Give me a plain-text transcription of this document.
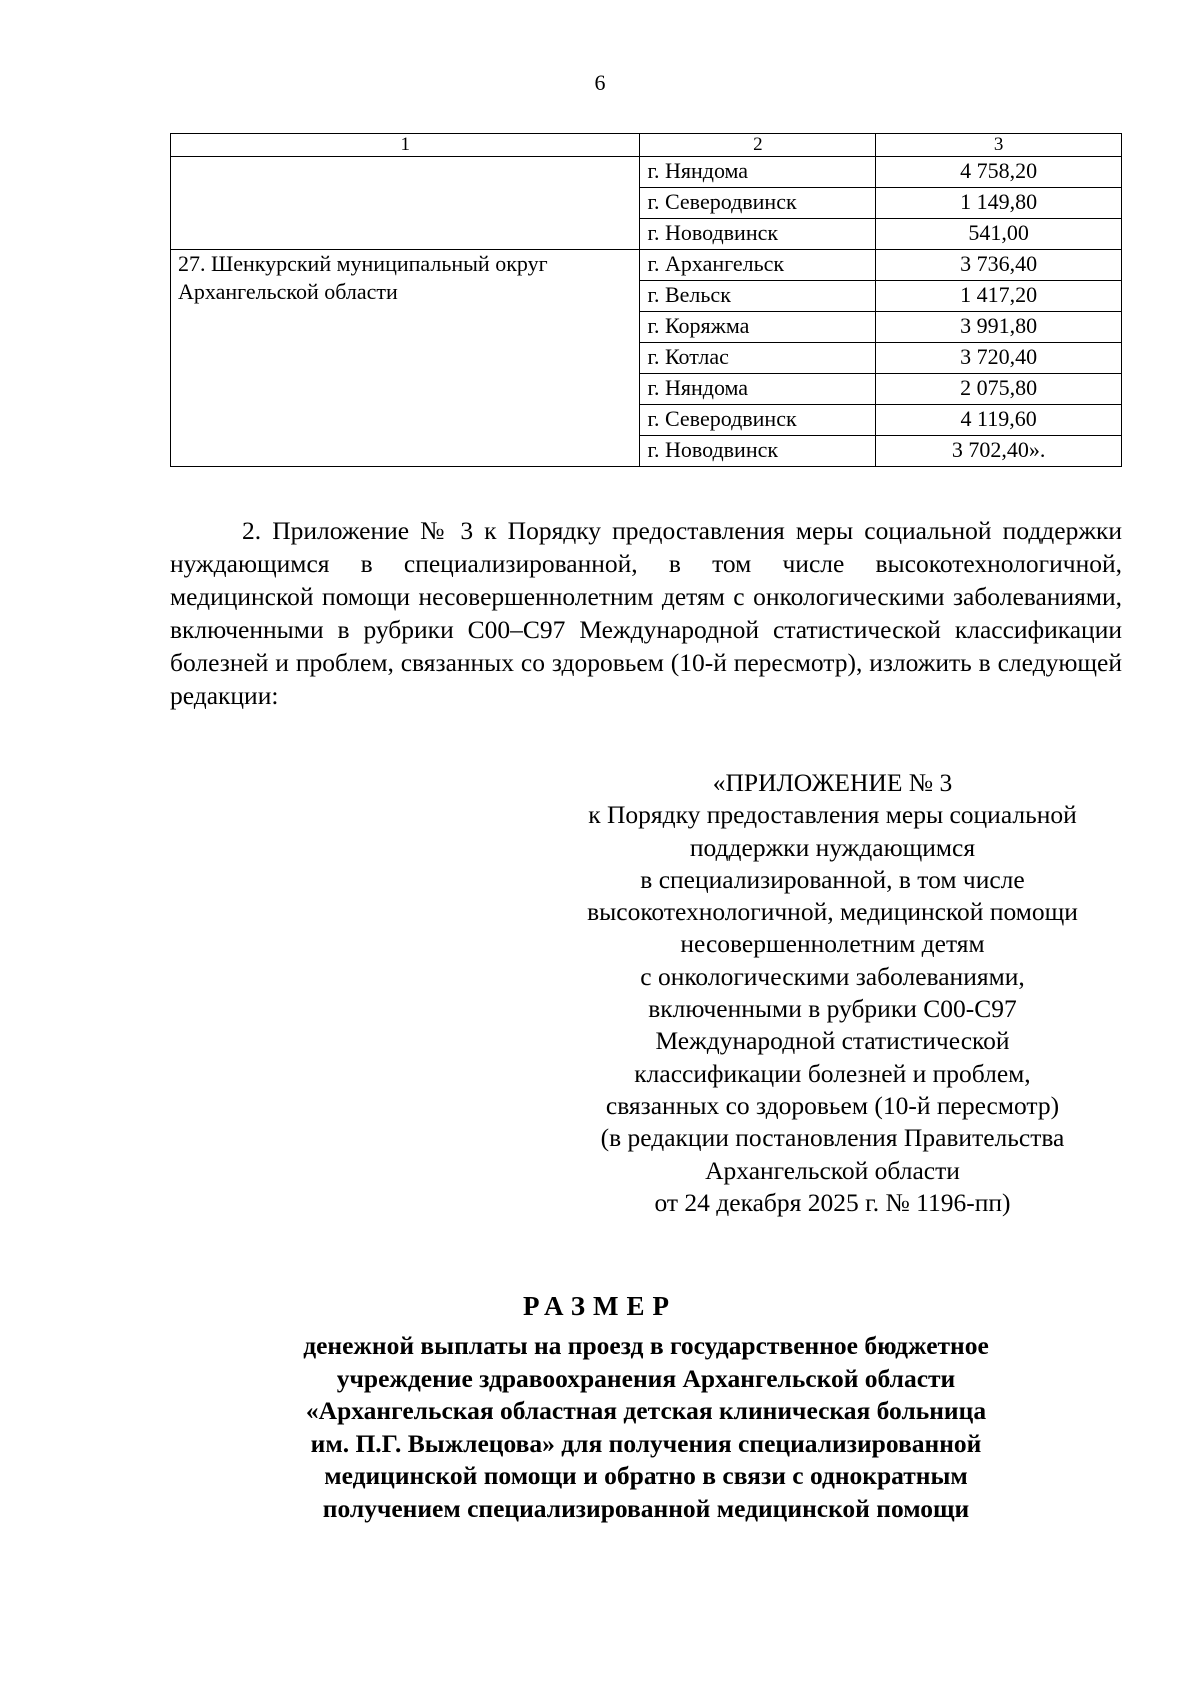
6
1	2	3
	г. Няндома	4 758,20
	г. Северодвинск	1 149,80
	г. Новодвинск	541,00
27. Шенкурский муниципальный округ Архангельской области	г. Архангельск	3 736,40
	г. Вельск	1 417,20
	г. Коряжма	3 991,80
	г. Котлас	3 720,40
	г. Няндома	2 075,80
	г. Северодвинск	4 119,60
	г. Новодвинск	3 702,40».

2. Приложение № 3 к Порядку предоставления меры социальной поддержки нуждающимся в специализированной, в том числе высокотехнологичной, медицинской помощи несовершеннолетним детям с онкологическими заболеваниями, включенными в рубрики C00–C97 Международной статистической классификации болезней и проблем, связанных со здоровьем (10-й пересмотр), изложить в следующей редакции:

«ПРИЛОЖЕНИЕ № 3
к Порядку предоставления меры социальной
поддержки нуждающимся
в специализированной, в том числе
высокотехнологичной, медицинской помощи
несовершеннолетним детям
с онкологическими заболеваниями,
включенными в рубрики C00-C97
Международной статистической
классификации болезней и проблем,
связанных со здоровьем (10-й пересмотр)
(в редакции постановления Правительства
Архангельской области
от 24 декабря 2025 г. № 1196-пп)
РАЗМЕР
денежной выплаты на проезд в государственное бюджетное
учреждение здравоохранения Архангельской области
«Архангельская областная детская клиническая больница
им. П.Г. Выжлецова» для получения специализированной
медицинской помощи и обратно в связи с однократным
получением специализированной медицинской помощи
